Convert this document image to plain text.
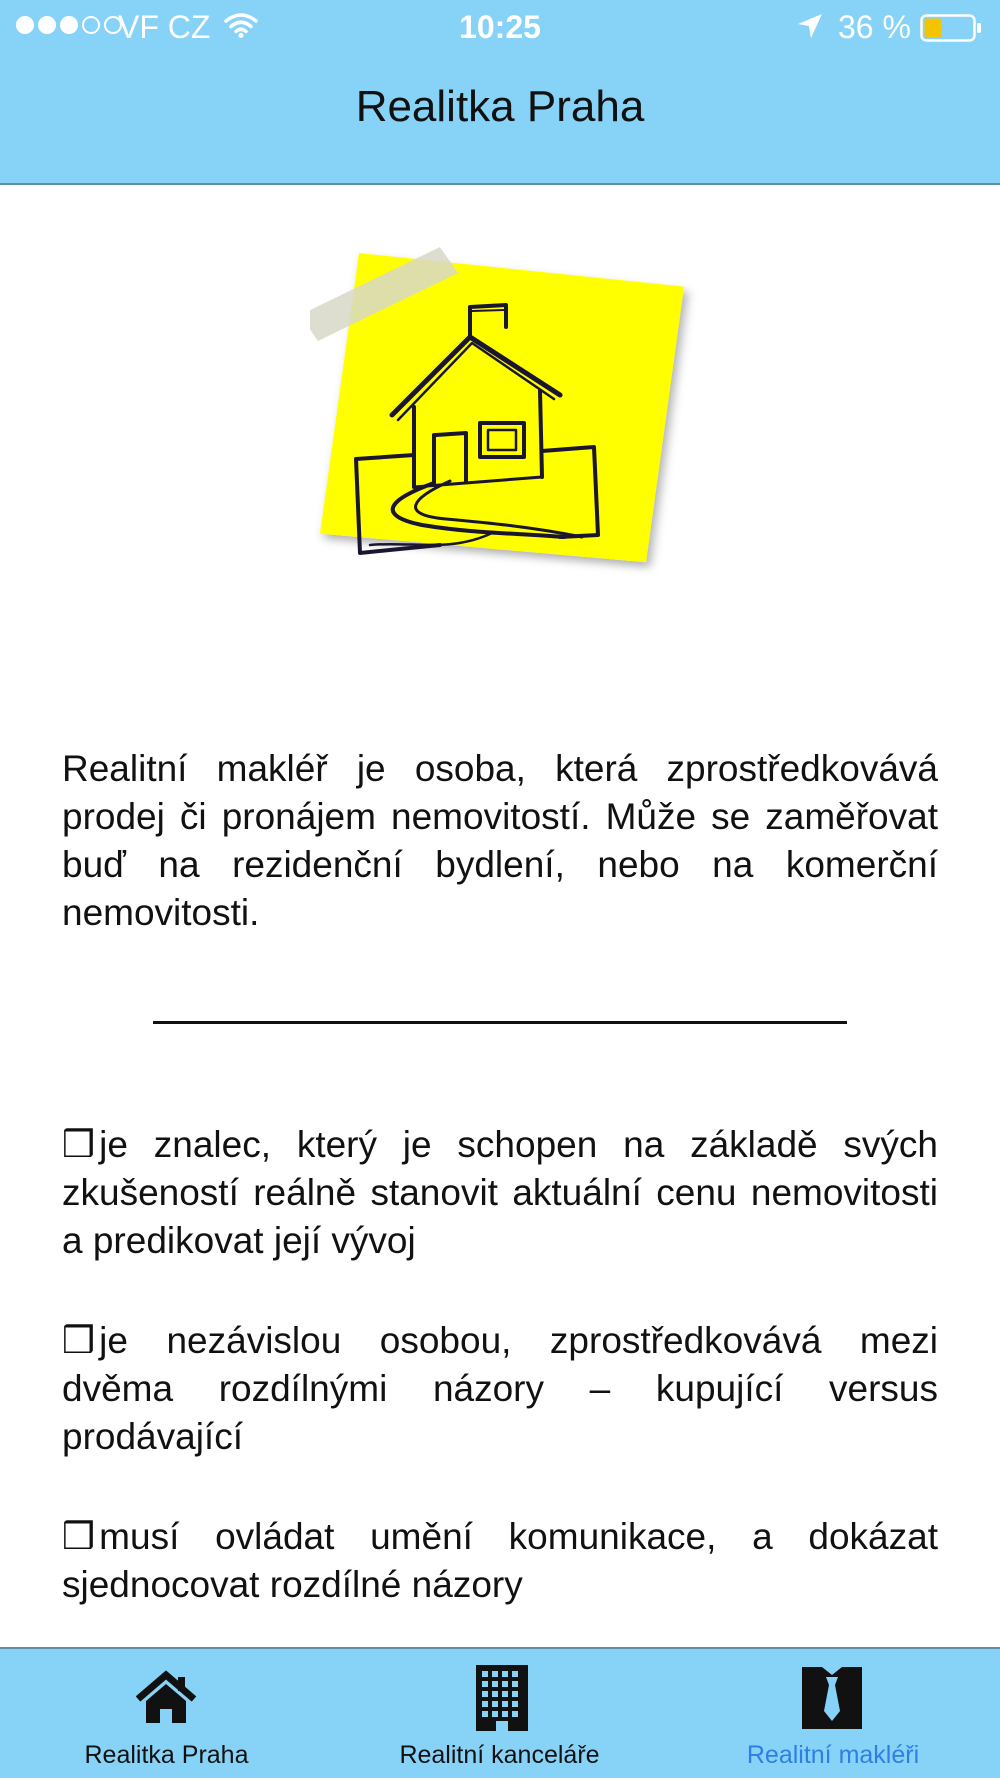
VF CZ	10:25	36 %
Realitka Praha

Realitní makléř je osoba, která zprostředkovává prodej či pronájem nemovitostí. Může se zaměřovat buď na rezidenční bydlení, nebo na komerční nemovitosti.

❒ je znalec, který je schopen na základě svých zkušeností reálně stanovit aktuální cenu nemovitosti a predikovat její vývoj

❒ je nezávislou osobou, zprostředkovává mezi dvěma rozdílnými názory – kupující versus prodávající

❒ musí ovládat umění komunikace, a dokázat sjednocovat rozdílné názory

Realitka Praha	Realitní kanceláře	Realitní makléři
